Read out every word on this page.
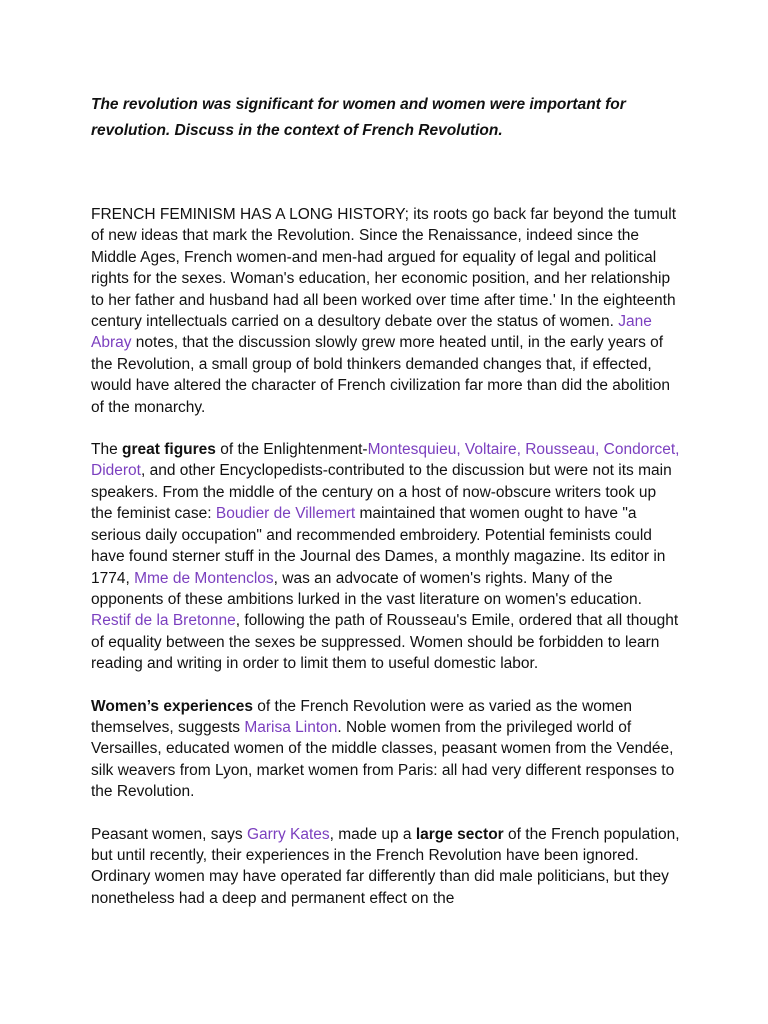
The revolution was significant for women and women were important for revolution. Discuss in the context of French Revolution.

FRENCH FEMINISM HAS A LONG HISTORY; its roots go back far beyond the tumult of new ideas that mark the Revolution. Since the Renaissance, indeed since the Middle Ages, French women-and men-had argued for equality of legal and political rights for the sexes. Woman's education, her economic position, and her relationship to her father and husband had all been worked over time after time.' In the eighteenth century intellectuals carried on a desultory debate over the status of women. Jane Abray notes, that the discussion slowly grew more heated until, in the early years of the Revolution, a small group of bold thinkers demanded changes that, if effected, would have altered the character of French civilization far more than did the abolition of the monarchy.

The great figures of the Enlightenment-Montesquieu, Voltaire, Rousseau, Condorcet, Diderot, and other Encyclopedists-contributed to the discussion but were not its main speakers. From the middle of the century on a host of now-obscure writers took up the feminist case: Boudier de Villemert maintained that women ought to have "a serious daily occupation" and recommended embroidery. Potential feminists could have found sterner stuff in the Journal des Dames, a monthly magazine. Its editor in 1774, Mme de Montenclos, was an advocate of women's rights. Many of the opponents of these ambitions lurked in the vast literature on women's education. Restif de la Bretonne, following the path of Rousseau's Emile, ordered that all thought of equality between the sexes be suppressed. Women should be forbidden to learn reading and writing in order to limit them to useful domestic labor.

Women’s experiences of the French Revolution were as varied as the women themselves, suggests Marisa Linton. Noble women from the privileged world of Versailles, educated women of the middle classes, peasant women from the Vendée, silk weavers from Lyon, market women from Paris: all had very different responses to the Revolution.

Peasant women, says Garry Kates, made up a large sector of the French population, but until recently, their experiences in the French Revolution have been ignored. Ordinary women may have operated far differently than did male politicians, but they nonetheless had a deep and permanent effect on the
